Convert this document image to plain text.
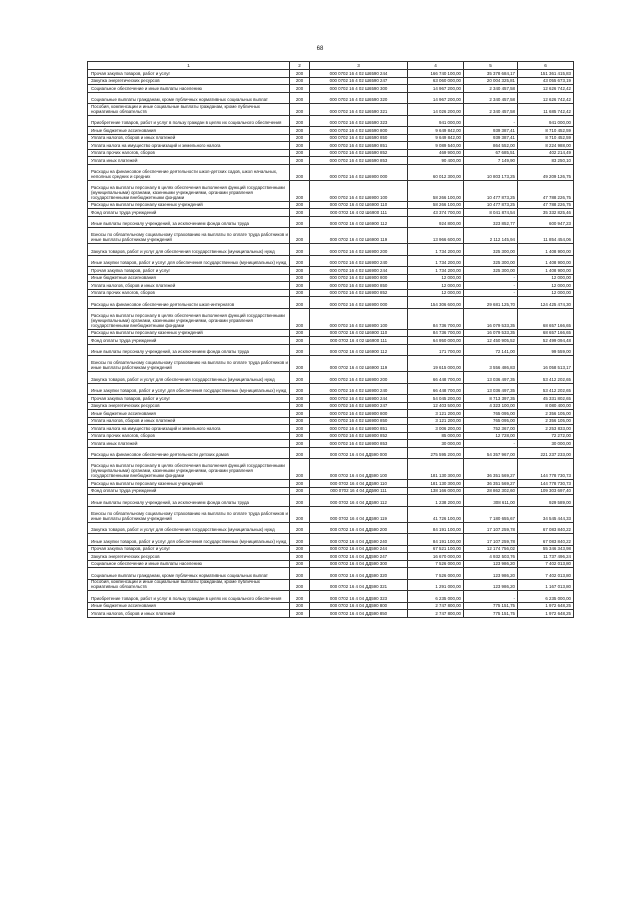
68
1	2	3	4	5	6
Прочая закупка товаров, работ и услуг	200	000 0702 16 4 02 Ш6590 244	166 740 100,00	35 378 684,17	151 361 415,83
Закупка энергетических ресурсов	200	000 0702 16 4 02 Ш6590 247	63 060 000,00	20 004 325,81	43 055 673,19
Социальное обеспечение и иные выплаты населению	200	000 0702 16 4 02 Ш6590 300	14 967 200,00	2 340 457,58	12 626 742,42
Социальные выплаты гражданам, кроме публичных нормативных социальных выплат	200	000 0702 16 4 02 Ш6590 320	14 967 200,00	2 340 457,58	12 626 742,42
Пособия, компенсации и иные социальные выплаты гражданам, кроме публичных нормативных обязательств	200	000 0702 16 4 02 Ш6590 321	14 026 200,00	2 340 457,58	11 685 742,42
Приобретение товаров, работ и услуг в пользу граждан в целях их социального обеспечения	200	000 0702 16 4 02 Ш6590 323	941 000,00	-	941 000,00
Иные бюджетные ассигнования	200	000 0702 16 4 02 Ш6590 800	9 649 842,00	939 387,41	8 710 452,59
Уплата налогов, сборов и иных платежей	200	000 0702 16 4 02 Ш6590 850	9 649 842,00	939 387,41	8 710 452,59
Уплата налога на имущество организаций и земельного налога	200	000 0702 16 4 02 Ш6590 851	9 089 540,00	864 552,00	8 224 988,00
Уплата прочих налогов, сборов	200	000 0702 16 4 02 Ш6590 852	469 900,00	67 685,51	402 214,49
Уплата иных платежей	200	000 0702 16 4 02 Ш6590 853	90 400,00	7 149,90	83 250,10
Расходы на финансовое обеспечение деятельности школ-детских садов, школ начальных, неполных средних и средних	200	000 0702 16 4 02 Ш6900 000	60 012 300,00	10 803 173,25	49 209 126,75
Расходы на выплаты персоналу в целях обеспечения выполнения функций государственными (муниципальными) органами, казенными учреждениями, органами управления государственными внебюджетными фондами	200	000 0702 16 4 02 Ш6900 100	58 266 100,00	10 477 873,25	47 788 226,75
Расходы на выплаты персоналу казенных учреждений	200	000 0702 16 4 02 Ш6900 110	58 266 100,00	10 477 873,25	47 788 226,75
Фонд оплаты труда учреждений	200	000 0702 16 4 02 Ш6900 111	43 374 700,00	8 041 874,54	35 332 825,46
Иные выплаты персоналу учреждений, за исключением фонда оплаты труда	200	000 0702 16 4 02 Ш6900 112	924 800,00	323 852,77	600 947,23
Взносы по обязательному социальному страхованию на выплаты по оплате труда работников и иные выплаты работникам учреждений	200	000 0702 16 4 02 Ш6900 119	13 966 600,00	2 112 145,94	11 854 454,06
Закупка товаров, работ и услуг для обеспечения государственных (муниципальных) нужд	200	000 0702 16 4 02 Ш6900 200	1 734 200,00	325 300,00	1 408 900,00
Иные закупки товаров, работ и услуг для обеспечения государственных (муниципальных) нужд	200	000 0702 16 4 02 Ш6900 240	1 734 200,00	325 300,00	1 408 900,00
Прочая закупка товаров, работ и услуг	200	000 0702 16 4 02 Ш6900 244	1 734 200,00	325 300,00	1 408 900,00
Иные бюджетные ассигнования	200	000 0702 16 4 02 Ш6900 800	12 000,00	-	12 000,00
Уплата налогов, сборов и иных платежей	200	000 0702 16 4 02 Ш6900 850	12 000,00	-	12 000,00
Уплата прочих налогов, сборов	200	000 0702 16 4 02 Ш6900 852	12 000,00	-	12 000,00
Расходы на финансовое обеспечение деятельности школ-интернатов	200	000 0702 16 4 02 Ш6900 000	154 306 600,00	29 681 125,70	124 425 474,30
Расходы на выплаты персоналу в целях обеспечения выполнения функций государственными (муниципальными) органами, казенными учреждениями, органами управления государственными внебюджетными фондами	200	000 0702 16 4 02 Ш6900 100	84 736 700,00	16 079 533,35	68 657 166,65
Расходы на выплаты персоналу казенных учреждений	200	000 0702 16 4 02 Ш6900 110	84 736 700,00	16 079 533,35	68 657 166,65
Фонд оплаты труда учреждений	200	000 0702 16 4 02 Ш6900 111	64 950 000,00	12 450 905,52	52 499 094,48
Иные выплаты персоналу учреждений, за исключением фонда оплаты труда	200	000 0702 16 4 02 Ш6900 112	171 700,00	72 141,00	99 559,00
Взносы по обязательному социальному страхованию на выплаты по оплате труда работников и иные выплаты работникам учреждений	200	000 0702 16 4 02 Ш6900 119	19 615 000,00	3 556 486,83	16 058 513,17
Закупка товаров, работ и услуг для обеспечения государственных (муниципальных) нужд	200	000 0702 16 4 02 Ш6900 200	66 448 700,00	13 036 497,35	53 412 202,65
Иные закупки товаров, работ и услуг для обеспечения государственных (муниципальных) нужд	200	000 0702 16 4 02 Ш6900 240	66 448 700,00	13 036 497,35	53 412 202,65
Прочая закупка товаров, работ и услуг	200	000 0702 16 4 02 Ш6900 244	54 045 200,00	8 713 397,35	45 331 802,65
Закупка энергетических ресурсов	200	000 0702 16 4 02 Ш6900 247	12 403 500,00	4 323 100,00	8 080 400,00
Иные бюджетные ассигнования	200	000 0702 16 4 02 Ш6900 800	3 121 200,00	765 095,00	2 356 105,00
Уплата налогов, сборов и иных платежей	200	000 0702 16 4 02 Ш6900 850	3 121 200,00	765 095,00	2 356 105,00
Уплата налога на имущество организаций и земельного налога	200	000 0702 16 4 02 Ш6900 851	3 006 200,00	752 367,00	2 253 833,00
Уплата прочих налогов, сборов	200	000 0702 16 4 02 Ш6900 852	85 000,00	12 728,00	72 272,00
Уплата иных платежей	200	000 0702 16 4 02 Ш6900 853	30 000,00	-	30 000,00
Расходы на финансовое обеспечение деятельности детских домов	200	000 0702 16 4 04 ДД590 000	275 595 200,00	54 357 967,00	221 237 233,00
Расходы на выплаты персоналу в целях обеспечения выполнения функций государственными (муниципальными) органами, казенными учреждениями, органами управления государственными внебюджетными фондами	200	000 0702 16 4 04 ДД590 100	181 130 300,00	36 351 569,27	144 778 730,73
Расходы на выплаты персоналу казенных учреждений	200	000 0702 16 4 04 ДД590 110	181 130 300,00	36 351 569,27	144 778 730,73
Фонд оплаты труда учреждений	200	000 0702 16 4 04 ДД590 111	138 166 000,00	28 862 302,60	109 303 697,40
Иные выплаты персоналу учреждений, за исключением фонда оплаты труда	200	000 0702 16 4 04 ДД590 112	1 238 200,00	308 611,00	929 589,00
Взносы по обязательному социальному страхованию на выплаты по оплате труда работников и иные выплаты работникам учреждений	200	000 0702 16 4 04 ДД590 119	41 726 100,00	7 180 655,67	34 545 444,33
Закупка товаров, работ и услуг для обеспечения государственных (муниципальных) нужд	200	000 0702 16 4 04 ДД590 200	84 191 100,00	17 107 259,78	67 083 840,22
Иные закупки товаров, работ и услуг для обеспечения государственных (муниципальных) нужд	200	000 0702 16 4 04 ДД590 240	84 191 100,00	17 107 259,78	67 083 840,22
Прочая закупка товаров, работ и услуг	200	000 0702 16 4 04 ДД590 244	67 521 100,00	12 174 756,02	55 346 343,98
Закупка энергетических ресурсов	200	000 0702 16 4 04 ДД590 247	16 670 000,00	4 932 503,76	11 737 496,24
Социальное обеспечение и иные выплаты населению	200	000 0702 16 4 04 ДД590 300	7 526 000,00	123 986,20	7 402 013,80
Социальные выплаты гражданам, кроме публичных нормативных социальных выплат	200	000 0702 16 4 04 ДД590 320	7 526 000,00	123 986,20	7 402 013,80
Пособия, компенсации и иные социальные выплаты гражданам, кроме публичных нормативных обязательств	200	000 0702 16 4 04 ДД590 321	1 291 000,00	123 986,20	1 167 013,80
Приобретение товаров, работ и услуг в пользу граждан в целях их социального обеспечения	200	000 0702 16 4 04 ДД590 323	6 235 000,00	-	6 235 000,00
Иные бюджетные ассигнования	200	000 0702 16 4 04 ДД590 800	2 747 800,00	775 151,75	1 972 648,25
Уплата налогов, сборов и иных платежей	200	000 0702 16 4 04 ДД590 850	2 747 800,00	775 151,75	1 972 648,25
